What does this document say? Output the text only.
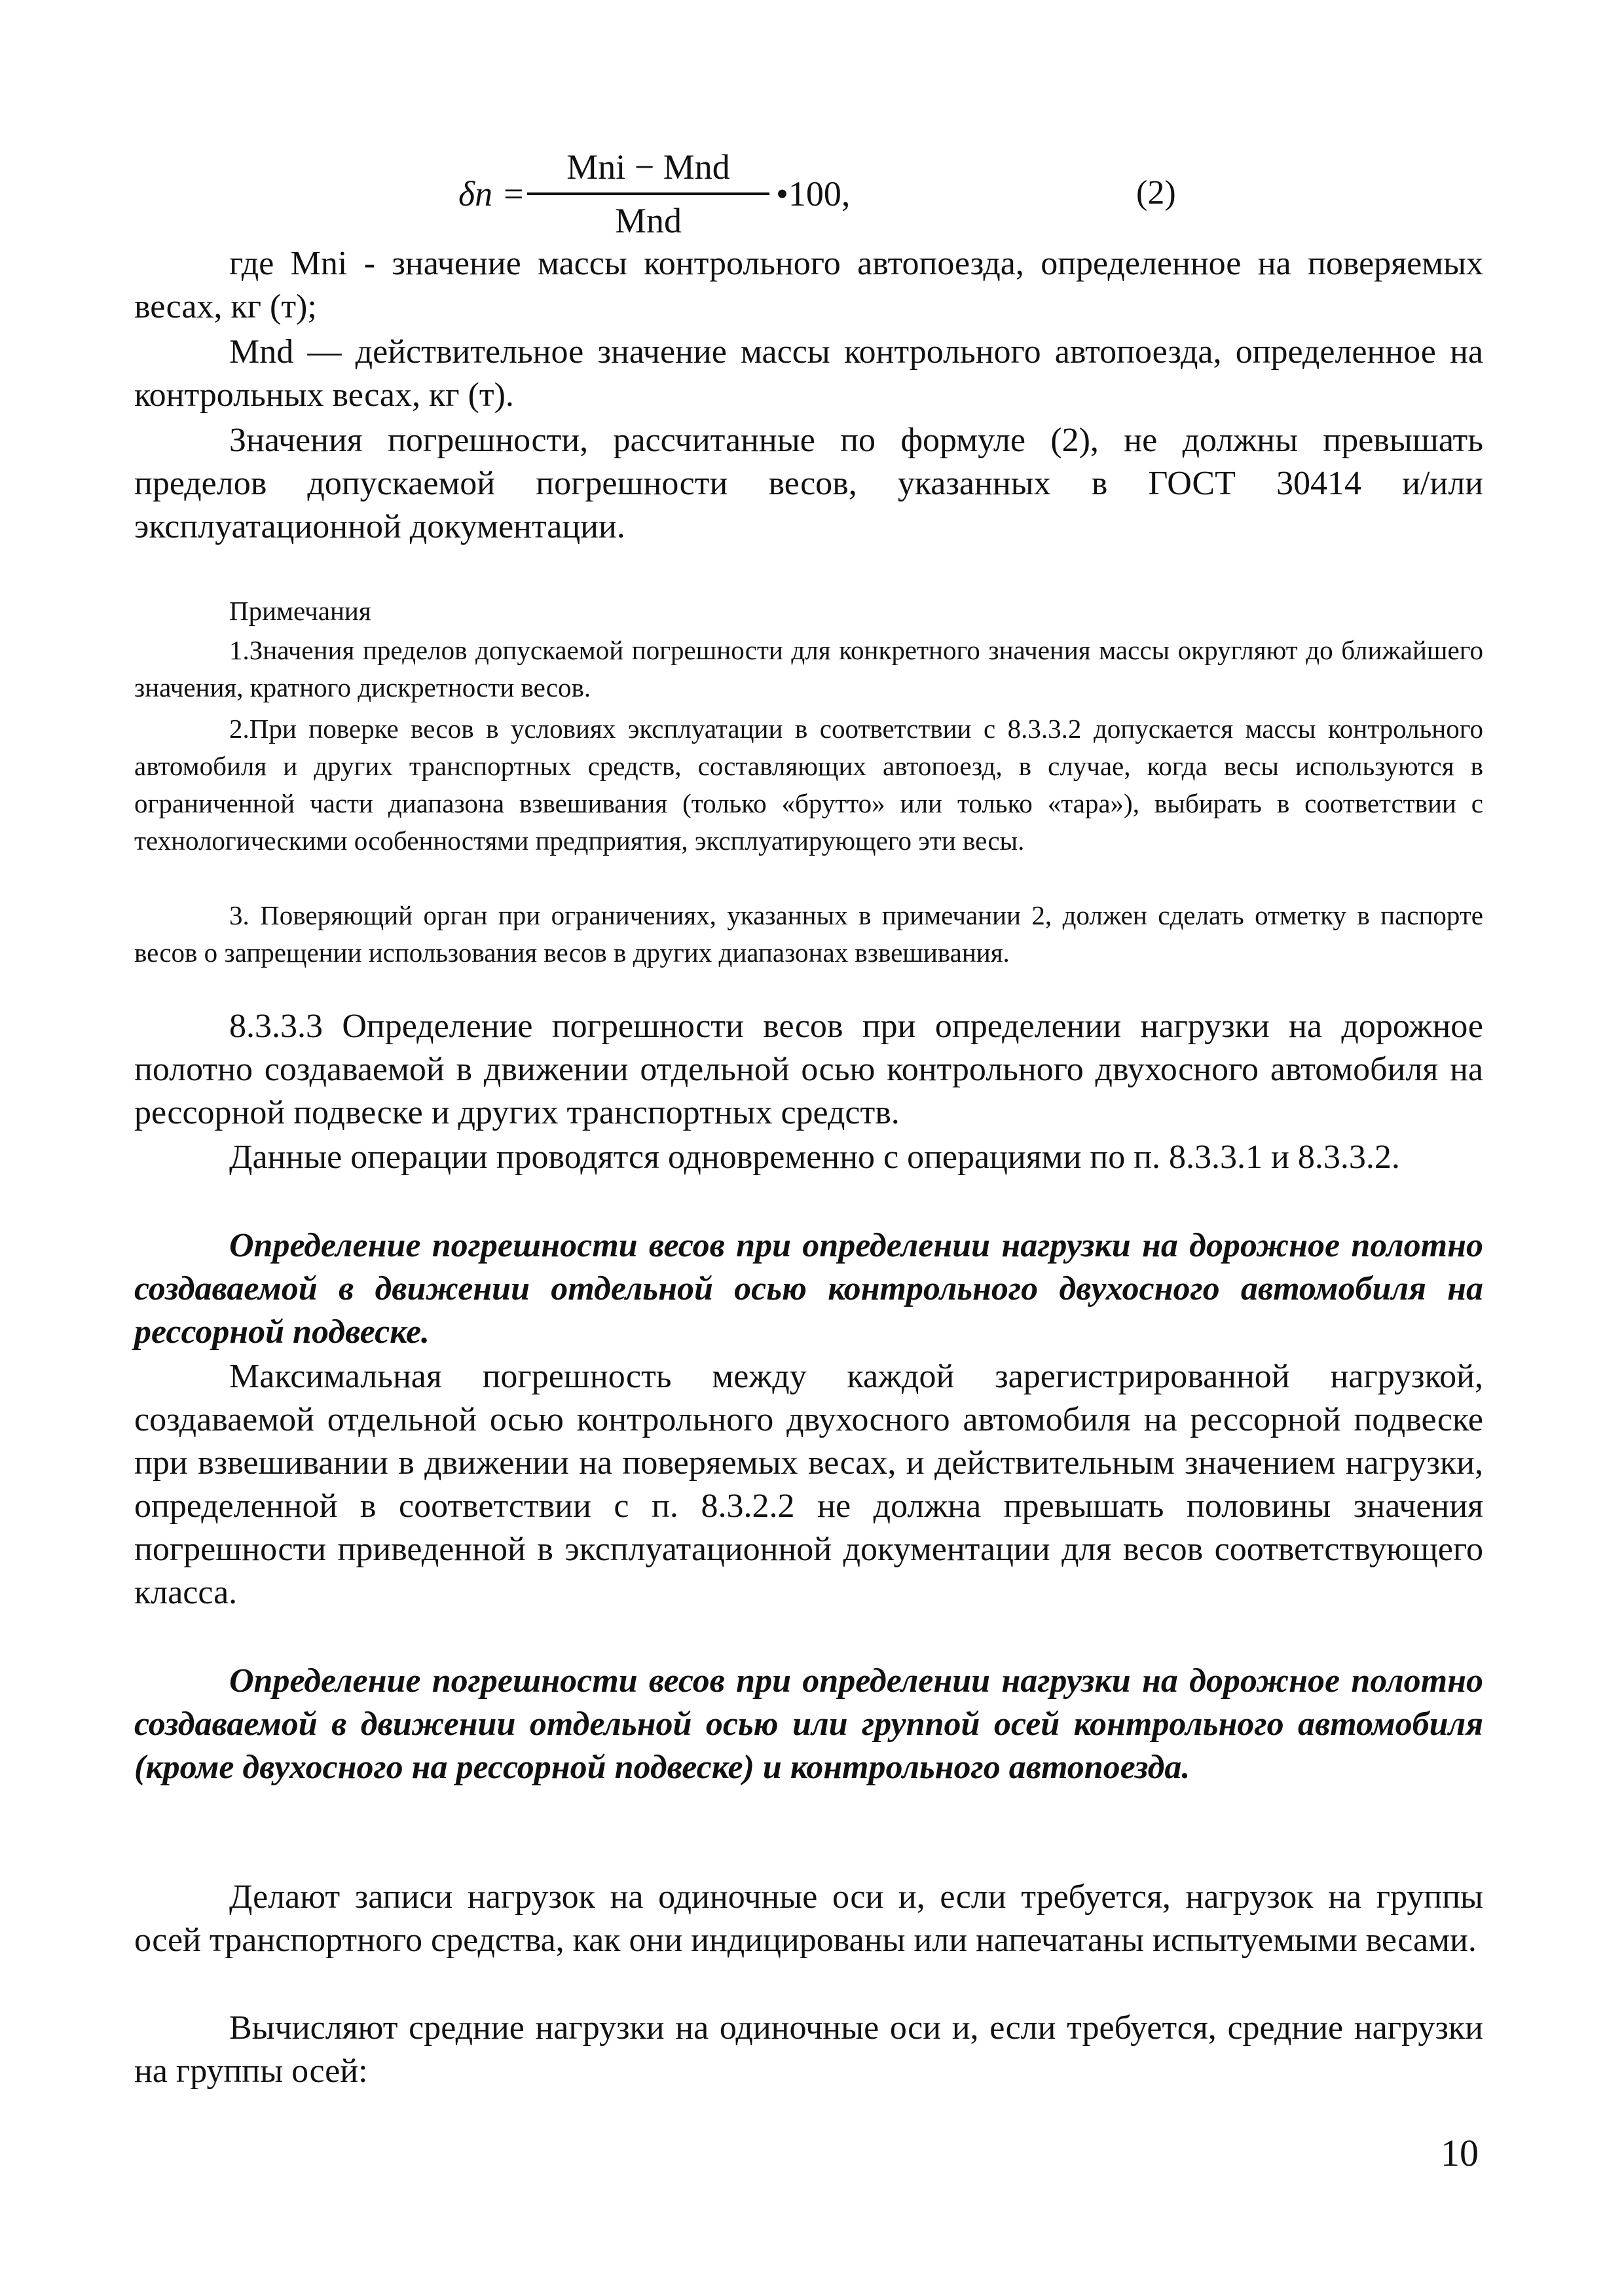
δn =
Mni − Mnd
Mnd
•100,	(2)

где Mni - значение массы контрольного автопоезда, определенное на поверяемых весах, кг (т);

Mnd — действительное значение массы контрольного автопоезда, определенное на контрольных весах, кг (т).

Значения погрешности, рассчитанные по формуле (2), не должны превышать пределов допускаемой погрешности весов, указанных в ГОСТ 30414 и/или эксплуатационной документации.

Примечания

1.Значения пределов допускаемой погрешности для конкретного значения массы округляют до ближайшего значения, кратного дискретности весов.

2.При поверке весов в условиях эксплуатации в соответствии с 8.3.3.2 допускается массы контрольного автомобиля и других транспортных средств, составляющих автопоезд, в случае, когда весы используются в ограниченной части диапазона взвешивания (только «брутто» или только «тара»), выбирать в соответствии с технологическими особенностями предприятия, эксплуатирующего эти весы.

3. Поверяющий орган при ограничениях, указанных в примечании 2, должен сделать отметку в паспорте весов о запрещении использования весов в других диапазонах взвешивания.

8.3.3.3 Определение погрешности весов при определении нагрузки на дорожное полотно создаваемой в движении отдельной осью контрольного двухосного автомобиля на рессорной подвеске и других транспортных средств.

Данные операции проводятся одновременно с операциями по п. 8.3.3.1 и 8.3.3.2.

Определение погрешности весов при определении нагрузки на дорожное полотно создаваемой в движении отдельной осью контрольного двухосного автомобиля на рессорной подвеске.

Максимальная погрешность между каждой зарегистрированной нагрузкой, создаваемой отдельной осью контрольного двухосного автомобиля на рессорной подвеске при взвешивании в движении на поверяемых весах, и действительным значением нагрузки, определенной в соответствии с п. 8.3.2.2 не должна превышать половины значения погрешности приведенной в эксплуатационной документации для весов соответствующего класса.

Определение погрешности весов при определении нагрузки на дорожное полотно создаваемой в движении отдельной осью или группой осей контрольного автомобиля (кроме двухосного на рессорной подвеске) и контрольного автопоезда.

Делают записи нагрузок на одиночные оси и, если требуется, нагрузок на группы осей транспортного средства, как они индицированы или напечатаны испытуемыми весами.

Вычисляют средние нагрузки на одиночные оси и, если требуется, средние нагрузки на группы осей:

10
